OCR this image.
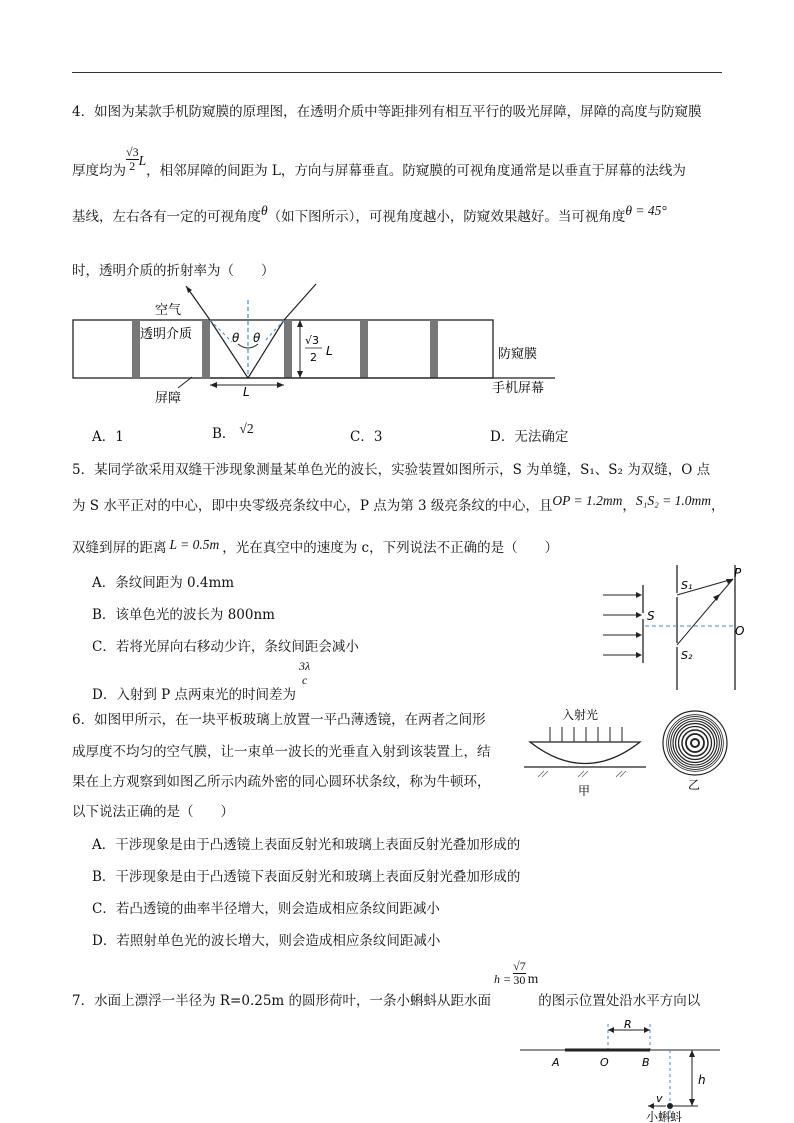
4．如图为某款手机防窥膜的原理图，在透明介质中等距排列有相互平行的吸光屏障，屏障的高度与防窥膜
厚度均为 $\frac{√3}{2}$ L，相邻屏障的间距为 L，方向与屏幕垂直。防窥膜的可视角度通常是以垂直于屏幕的法线为
基线，左右各有一定的可视角度θ（如下图所示），可视角度越小，防窥效果越好。当可视角度θ = 45°
时，透明介质的折射率为（　　）
θ θ
L
√3
2 L
空气
透明介质
屏障
防窥膜
手机屏幕
A．1	B． √2
C．3	D．无法确定
5．某同学欲采用双缝干涉现象测量某单色光的波长，实验装置如图所示，S 为单缝，S₁、S₂ 为双缝，O 点
为 S 水平正对的中心，即中央零级亮条纹中心，P 点为第 3 级亮条纹的中心，且OP = 1.2mm，S₁S₂ = 1.0mm，
双缝到屏的距离 L = 0.5m ，光在真空中的速度为 c，下列说法不正确的是（　　）
A．条纹间距为 0.4mm
B．该单色光的波长为 800nm
C．若将光屏向右移动少许，条纹间距会减小
D．入射到 P 点两束光的时间差为
3λ
c
S
S₁
S₂
P
O
6．如图甲所示，在一块平板玻璃上放置一平凸薄透镜，在两者之间形
成厚度不均匀的空气膜，让一束单一波长的光垂直入射到该装置上，结
果在上方观察到如图乙所示内疏外密的同心圆环状条纹，称为牛顿环，
以下说法正确的是（　　）
A．干涉现象是由于凸透镜上表面反射光和玻璃上表面反射光叠加形成的
B．干涉现象是由于凸透镜下表面反射光和玻璃上表面反射光叠加形成的
C．若凸透镜的曲率半径增大，则会造成相应条纹间距减小
D．若照射单色光的波长增大，则会造成相应条纹间距减小
入射光
甲	乙
7．水面上漂浮一半径为 R=0.25m 的圆形荷叶，一条小蝌蚪从距水面$h = \frac{√7}{30}$ m的图示位置处沿水平方向以
R
A	O	B
h
v
小蝌蚪
